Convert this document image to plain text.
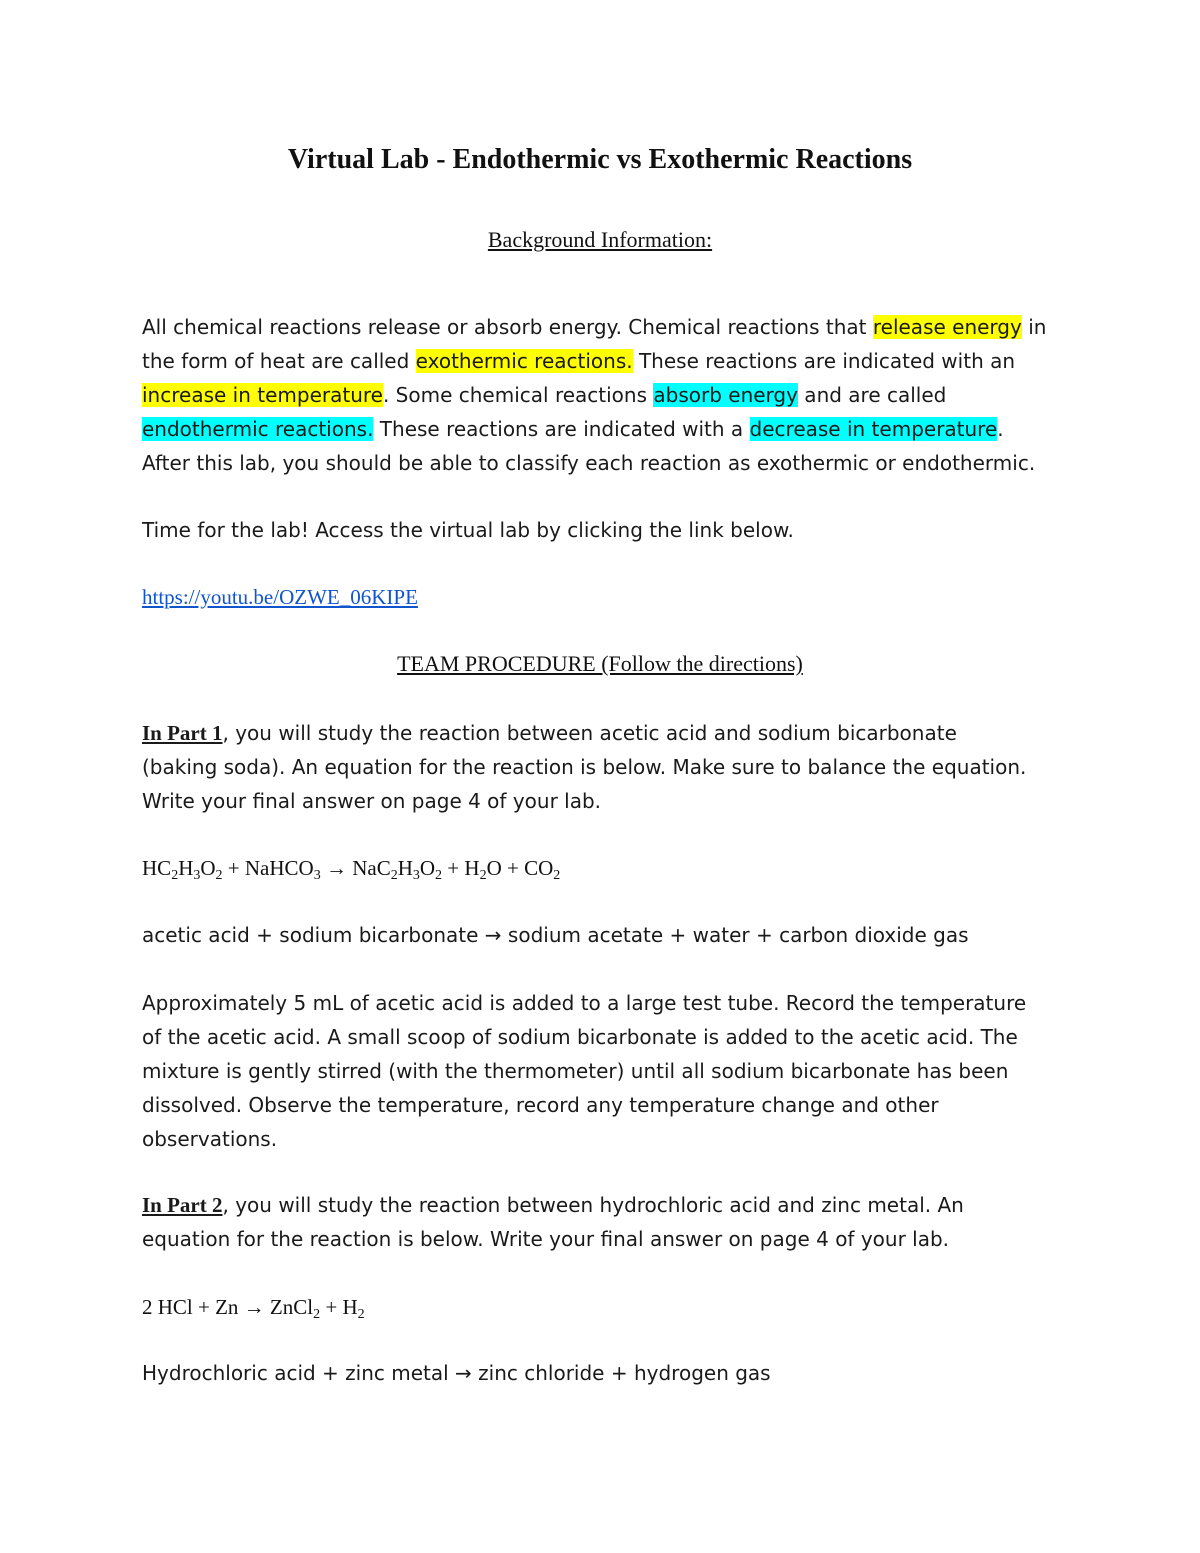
Virtual Lab - Endothermic vs Exothermic Reactions
Background Information:
All chemical reactions release or absorb energy. Chemical reactions that release energy in
the form of heat are called exothermic reactions. These reactions are indicated with an
increase in temperature. Some chemical reactions absorb energy and are called
endothermic reactions. These reactions are indicated with a decrease in temperature.
After this lab, you should be able to classify each reaction as exothermic or endothermic.
Time for the lab! Access the virtual lab by clicking the link below.
https://youtu.be/OZWE_06KIPE
TEAM PROCEDURE (Follow the directions)
In Part 1, you will study the reaction between acetic acid and sodium bicarbonate
(baking soda). An equation for the reaction is below. Make sure to balance the equation.
Write your final answer on page 4 of your lab.
$HC_2H_3O_2$ + NaHCO$_3$ → $NaC_2H_3O_2 + H_2O + CO_2$
acetic acid + sodium bicarbonate → sodium acetate + water + carbon dioxide gas
Approximately 5 mL of acetic acid is added to a large test tube. Record the temperature
of the acetic acid. A small scoop of sodium bicarbonate is added to the acetic acid. The
mixture is gently stirred (with the thermometer) until all sodium bicarbonate has been
dissolved. Observe the temperature, record any temperature change and other
observations.
In Part 2, you will study the reaction between hydrochloric acid and zinc metal. An
equation for the reaction is below. Write your final answer on page 4 of your lab.
2 HCl + Zn → ZnCl$_2$ + $H_2$
Hydrochloric acid + zinc metal → zinc chloride + hydrogen gas
